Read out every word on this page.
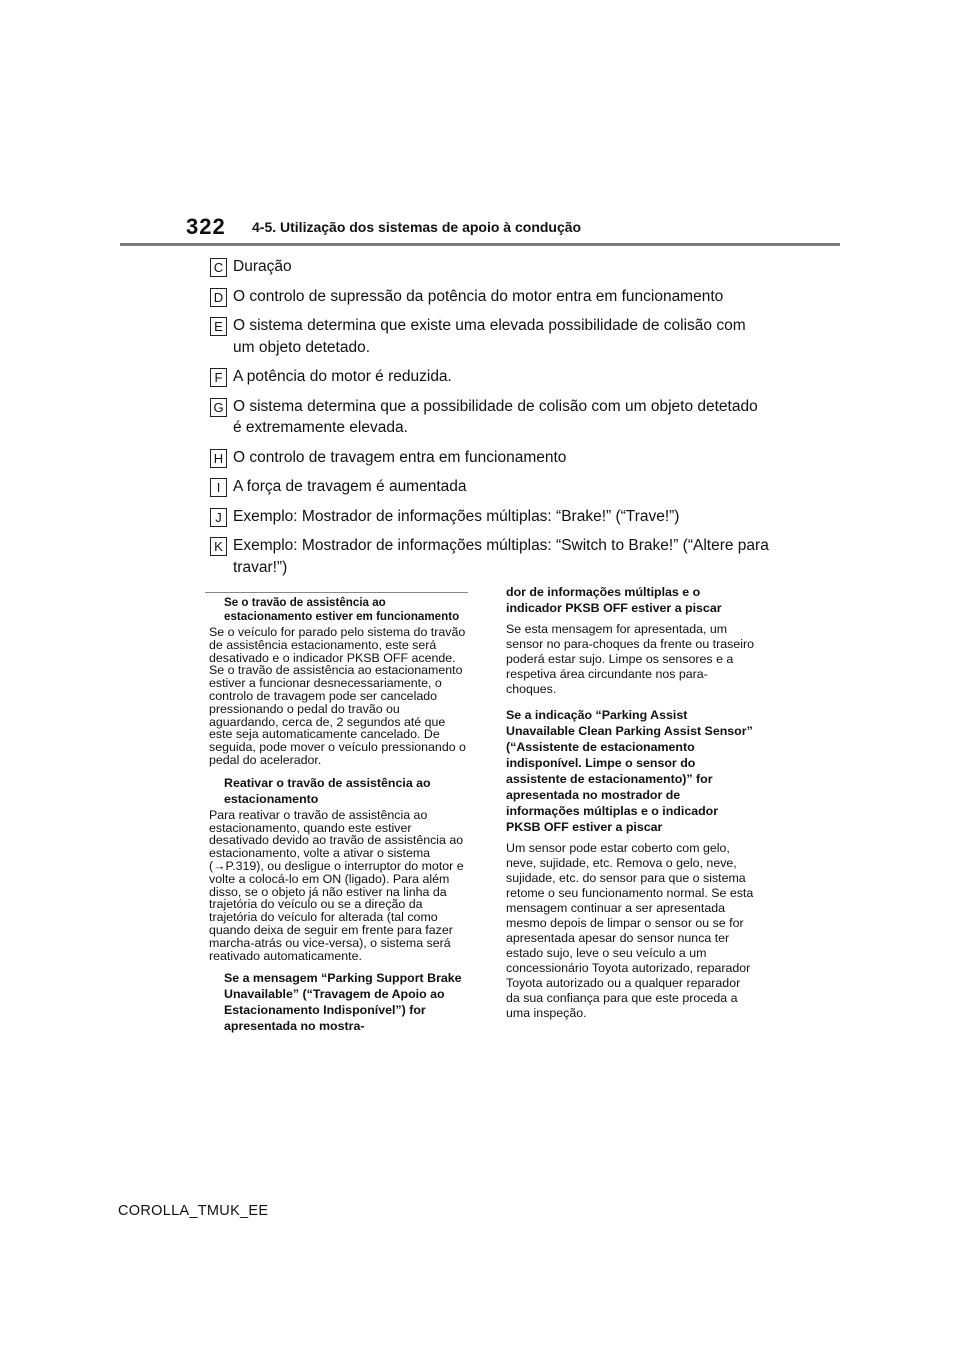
322 4-5. Utilização dos sistemas de apoio à condução
C Duração
D O controlo de supressão da potência do motor entra em funcionamento
E O sistema determina que existe uma elevada possibilidade de colisão com um objeto detetado.
F A potência do motor é reduzida.
G O sistema determina que a possibilidade de colisão com um objeto detetado é extremamente elevada.
H O controlo de travagem entra em funcionamento
I A força de travagem é aumentada
J Exemplo: Mostrador de informações múltiplas: “Brake!” (“Trave!”)
K Exemplo: Mostrador de informações múltiplas: “Switch to Brake!” (“Altere para travar!”)
Se o travão de assistência ao estacionamento estiver em funcionamento
Se o veículo for parado pelo sistema do travão de assistência estacionamento, este será desativado e o indicador PKSB OFF acende. Se o travão de assistência ao estacionamento estiver a funcionar desnecessariamente, o controlo de travagem pode ser cancelado pressionando o pedal do travão ou aguardando, cerca de, 2 segundos até que este seja automaticamente cancelado. De seguida, pode mover o veículo pressionando o pedal do acelerador.
Reativar o travão de assistência ao estacionamento
Para reativar o travão de assistência ao estacionamento, quando este estiver desativado devido ao travão de assistência ao estacionamento, volte a ativar o sistema (→P.319), ou desligue o interruptor do motor e volte a colocá-lo em ON (ligado). Para além disso, se o objeto já não estiver na linha da trajetória do veículo ou se a direção da trajetória do veículo for alterada (tal como quando deixa de seguir em frente para fazer marcha-atrás ou vice-versa), o sistema será reativado automaticamente.
Se a mensagem “Parking Support Brake Unavailable” (“Travagem de Apoio ao Estacionamento Indisponível”) for apresentada no mostra-
dor de informações múltiplas e o indicador PKSB OFF estiver a piscar
Se esta mensagem for apresentada, um sensor no para-choques da frente ou traseiro poderá estar sujo. Limpe os sensores e a respetiva área circundante nos para-choques.
Se a indicação “Parking Assist Unavailable Clean Parking Assist Sensor” (“Assistente de estacionamento indisponível. Limpe o sensor do assistente de estacionamento)” for apresentada no mostrador de informações múltiplas e o indicador PKSB OFF estiver a piscar
Um sensor pode estar coberto com gelo, neve, sujidade, etc. Remova o gelo, neve, sujidade, etc. do sensor para que o sistema retome o seu funcionamento normal. Se esta mensagem continuar a ser apresentada mesmo depois de limpar o sensor ou se for apresentada apesar do sensor nunca ter estado sujo, leve o seu veículo a um concessionário Toyota autorizado, reparador Toyota autorizado ou a qualquer reparador da sua confiança para que este proceda a uma inspeção.
COROLLA_TMUK_EE
